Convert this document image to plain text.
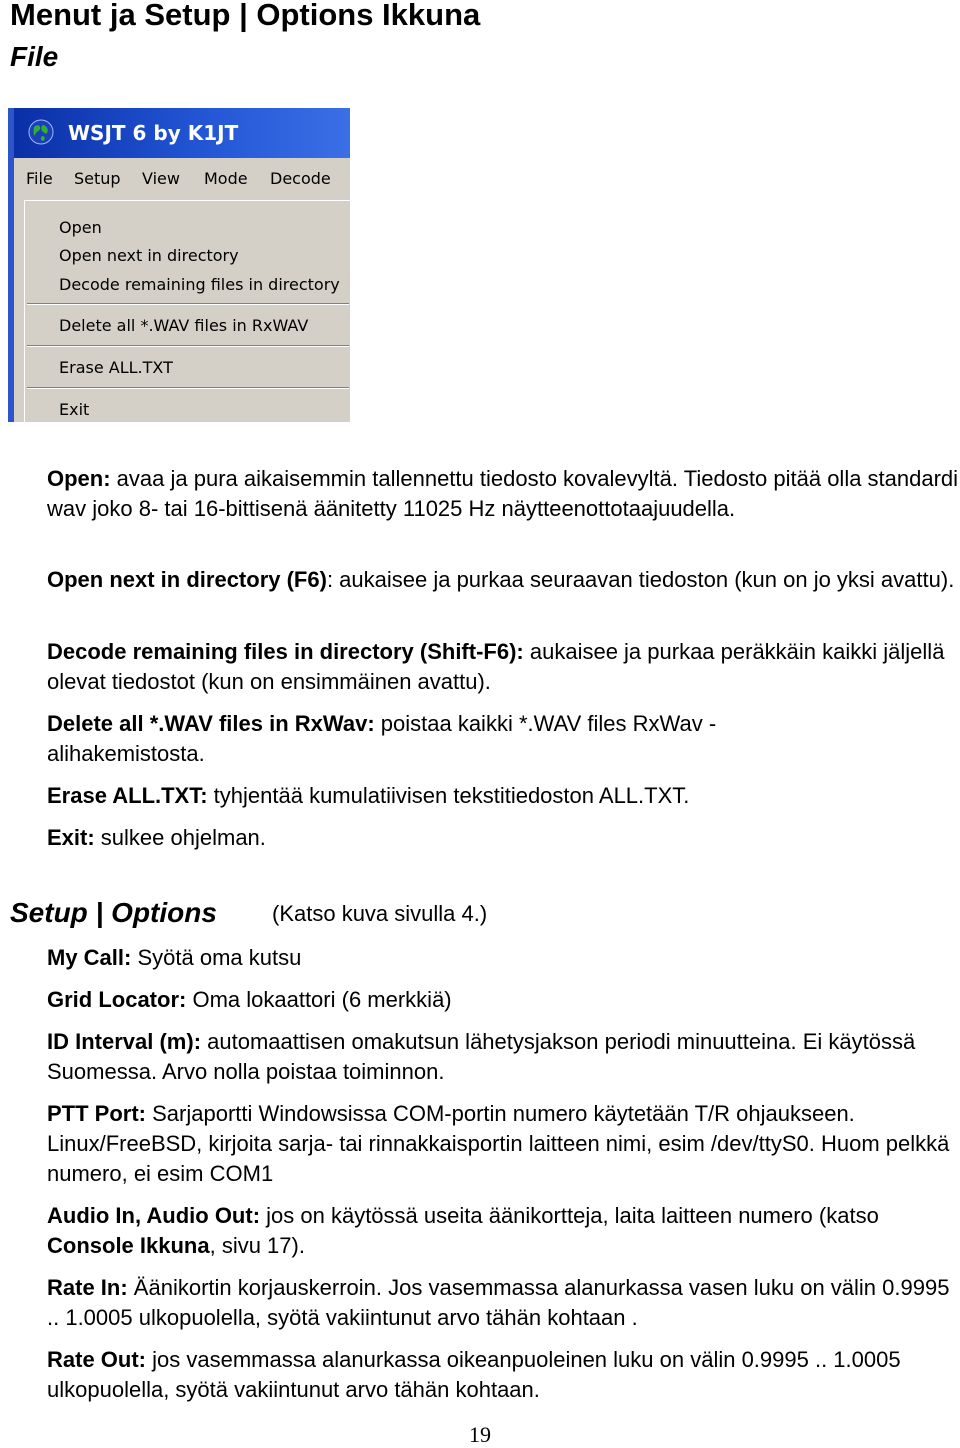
Menut ja Setup | Options Ikkuna
File
WSJT 6 by K1JT
File Setup View Mode Decode
Open
Open next in directory
Decode remaining files in directory
Delete all *.WAV files in RxWAV
Erase ALL.TXT
Exit

Open: avaa ja pura aikaisemmin tallennettu tiedosto kovalevyltä. Tiedosto pitää olla standardi wav joko 8- tai 16-bittisenä äänitetty 11025 Hz näytteenottotaajuudella.

Open next in directory (F6): aukaisee ja purkaa seuraavan tiedoston (kun on jo yksi avattu).

Decode remaining files in directory (Shift-F6): aukaisee ja purkaa peräkkäin kaikki jäljellä olevat tiedostot (kun on ensimmäinen avattu).

Delete all *.WAV files in RxWav: poistaa kaikki *.WAV files RxWav - alihakemistosta.

Erase ALL.TXT: tyhjentää kumulatiivisen tekstitiedoston ALL.TXT.

Exit: sulkee ohjelman.

Setup | Options	(Katso kuva sivulla 4.)

My Call: Syötä oma kutsu

Grid Locator: Oma lokaattori (6 merkkiä)

ID Interval (m): automaattisen omakutsun lähetysjakson periodi minuutteina. Ei käytössä Suomessa. Arvo nolla poistaa toiminnon.

PTT Port: Sarjaportti Windowsissa COM-portin numero käytetään T/R ohjaukseen. Linux/FreeBSD, kirjoita sarja- tai rinnakkaisportin laitteen nimi, esim /dev/ttyS0. Huom pelkkä numero, ei esim COM1

Audio In, Audio Out: jos on käytössä useita äänikortteja, laita laitteen numero (katso Console Ikkuna, sivu 17).

Rate In: Äänikortin korjauskerroin. Jos vasemmassa alanurkassa vasen luku on välin 0.9995 .. 1.0005 ulkopuolella, syötä vakiintunut arvo tähän kohtaan .

Rate Out: jos vasemmassa alanurkassa oikeanpuoleinen luku on välin 0.9995 .. 1.0005 ulkopuolella, syötä vakiintunut arvo tähän kohtaan.

19
